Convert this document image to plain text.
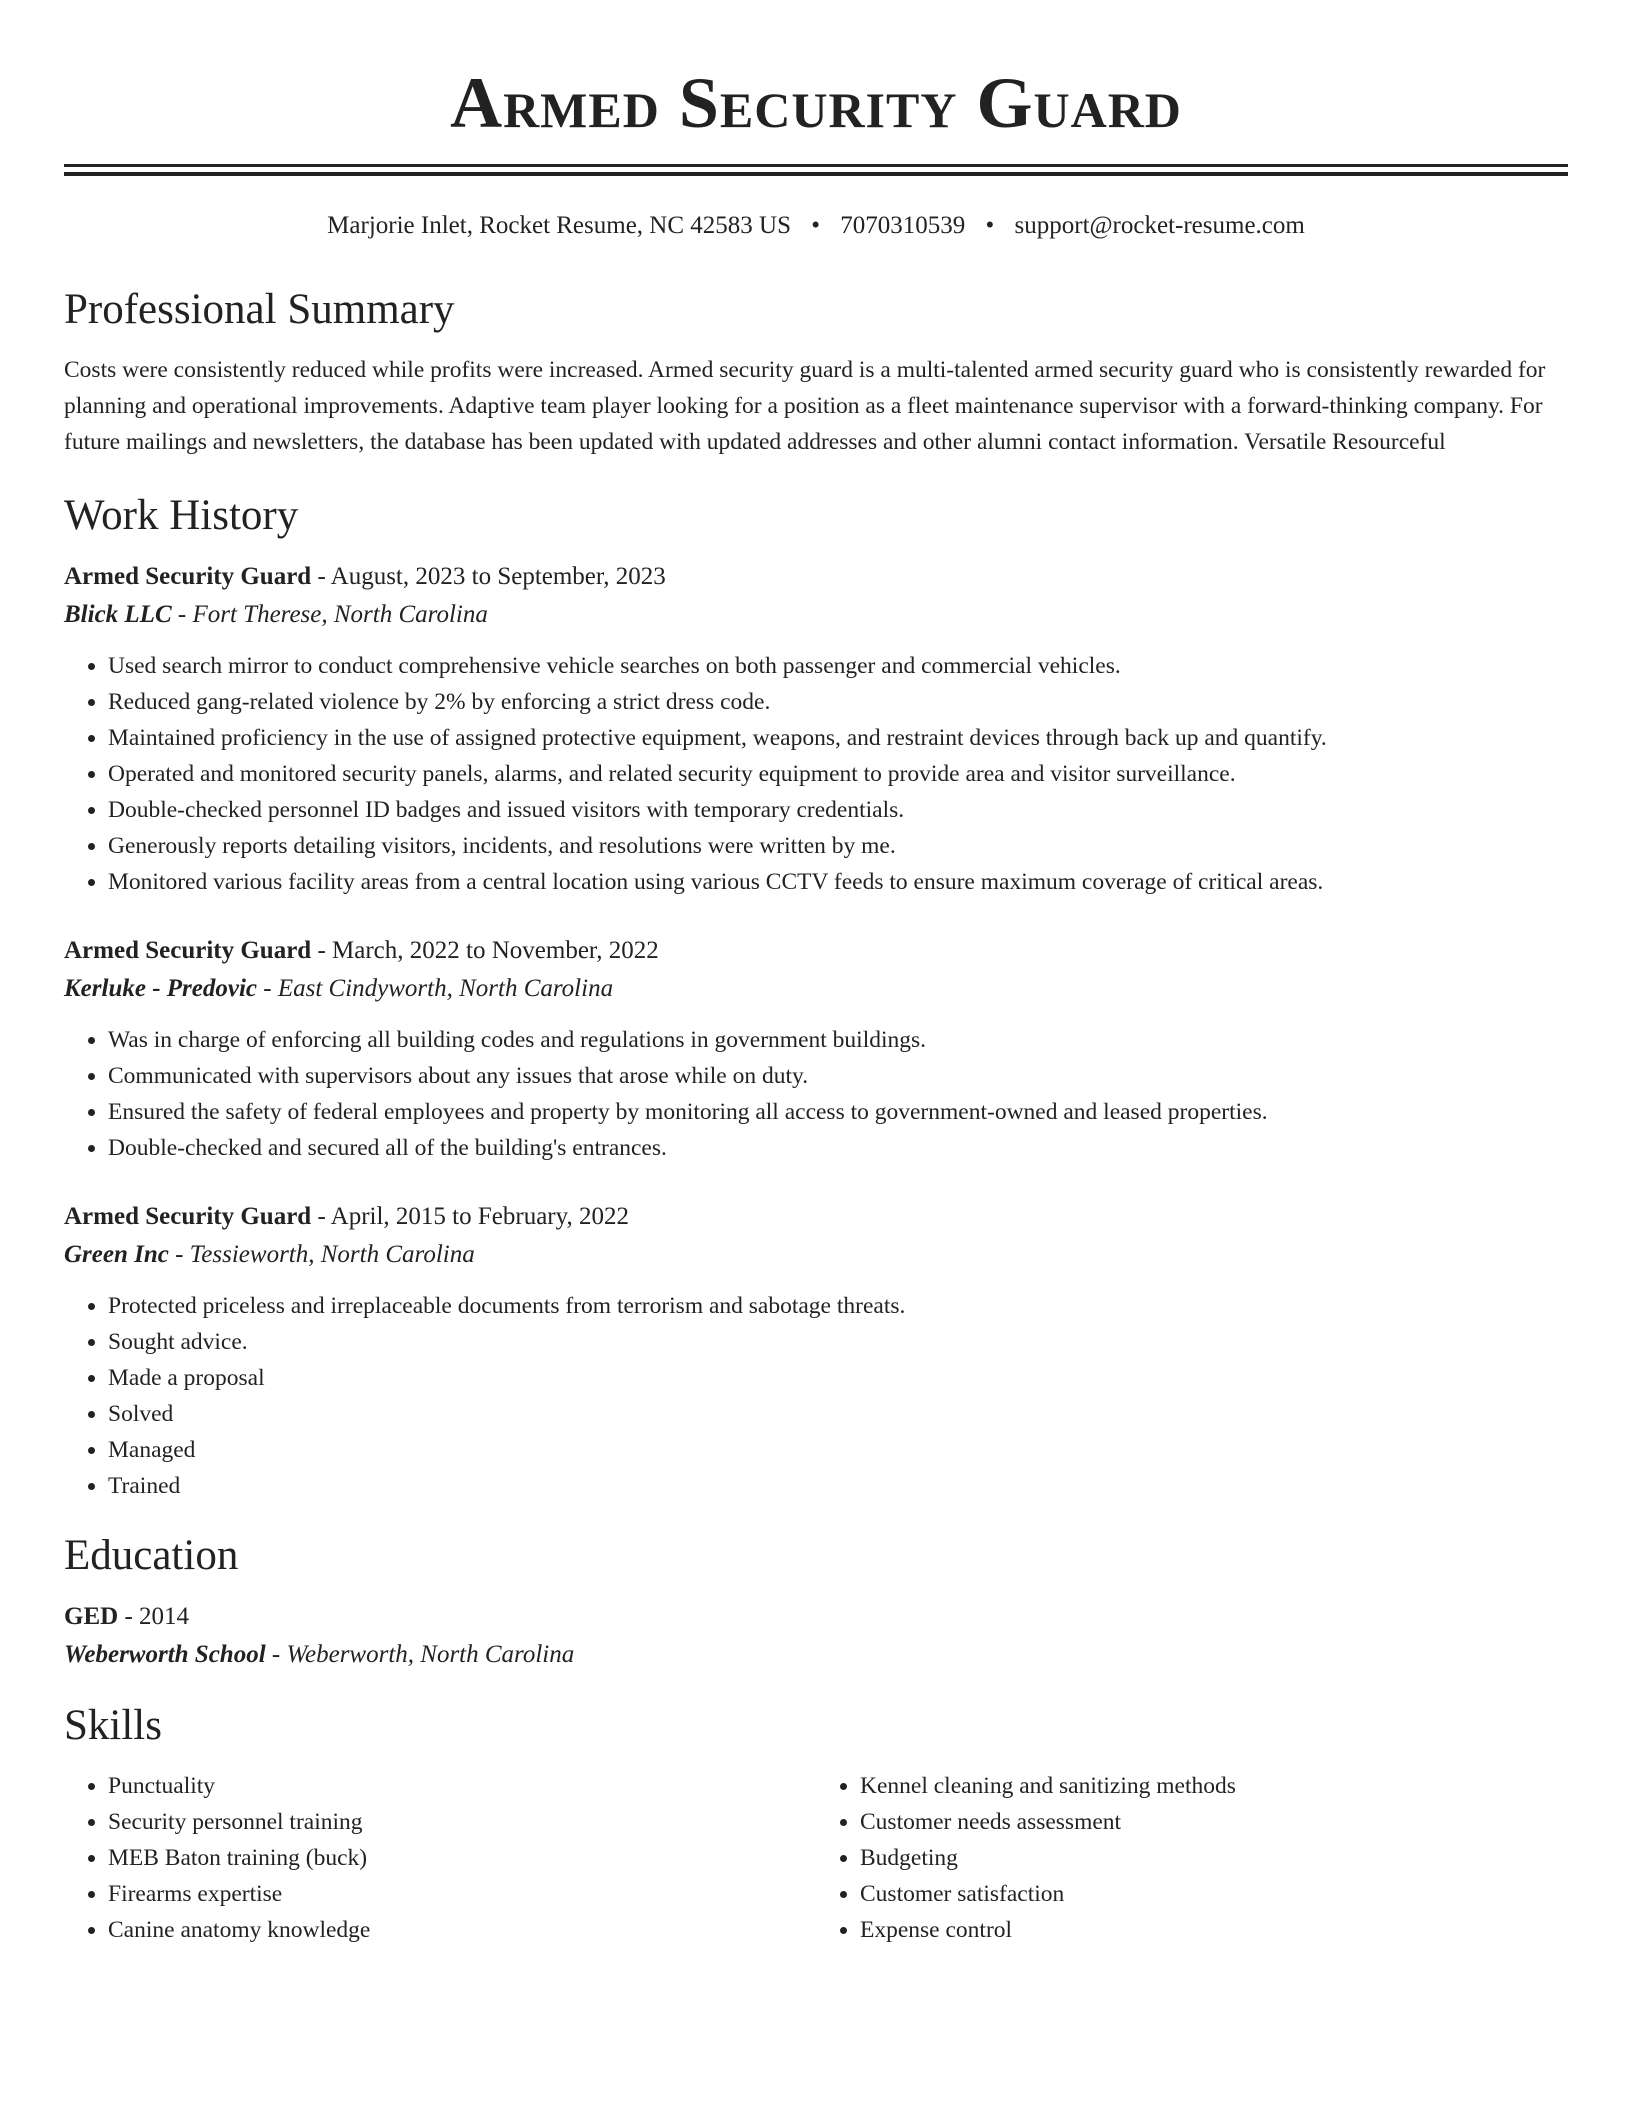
Armed Security Guard
Marjorie Inlet, Rocket Resume, NC 42583 US • 7070310539 • support@rocket-resume.com
Professional Summary

Costs were consistently reduced while profits were increased. Armed security guard is a multi-talented armed security guard who is consistently rewarded for planning and operational improvements. Adaptive team player looking for a position as a fleet maintenance supervisor with a forward-thinking company. For future mailings and newsletters, the database has been updated with updated addresses and other alumni contact information. Versatile Resourceful

Work History

Armed Security Guard - August, 2023 to September, 2023

Blick LLC - Fort Therese, North Carolina

• Used search mirror to conduct comprehensive vehicle searches on both passenger and commercial vehicles.
• Reduced gang-related violence by 2% by enforcing a strict dress code.
• Maintained proficiency in the use of assigned protective equipment, weapons, and restraint devices through back up and quantify.
• Operated and monitored security panels, alarms, and related security equipment to provide area and visitor surveillance.
• Double-checked personnel ID badges and issued visitors with temporary credentials.
• Generously reports detailing visitors, incidents, and resolutions were written by me.
• Monitored various facility areas from a central location using various CCTV feeds to ensure maximum coverage of critical areas.

Armed Security Guard - March, 2022 to November, 2022

Kerluke - Predovic - East Cindyworth, North Carolina

• Was in charge of enforcing all building codes and regulations in government buildings.
• Communicated with supervisors about any issues that arose while on duty.
• Ensured the safety of federal employees and property by monitoring all access to government-owned and leased properties.
• Double-checked and secured all of the building's entrances.

Armed Security Guard - April, 2015 to February, 2022

Green Inc - Tessieworth, North Carolina

• Protected priceless and irreplaceable documents from terrorism and sabotage threats.
• Sought advice.
• Made a proposal
• Solved
• Managed
• Trained
Education

GED - 2014

Weberworth School - Weberworth, North Carolina

Skills
• Punctuality
• Security personnel training
• MEB Baton training (buck)
• Firearms expertise
• Canine anatomy knowledge
• Kennel cleaning and sanitizing methods
• Customer needs assessment
• Budgeting
• Customer satisfaction
• Expense control
